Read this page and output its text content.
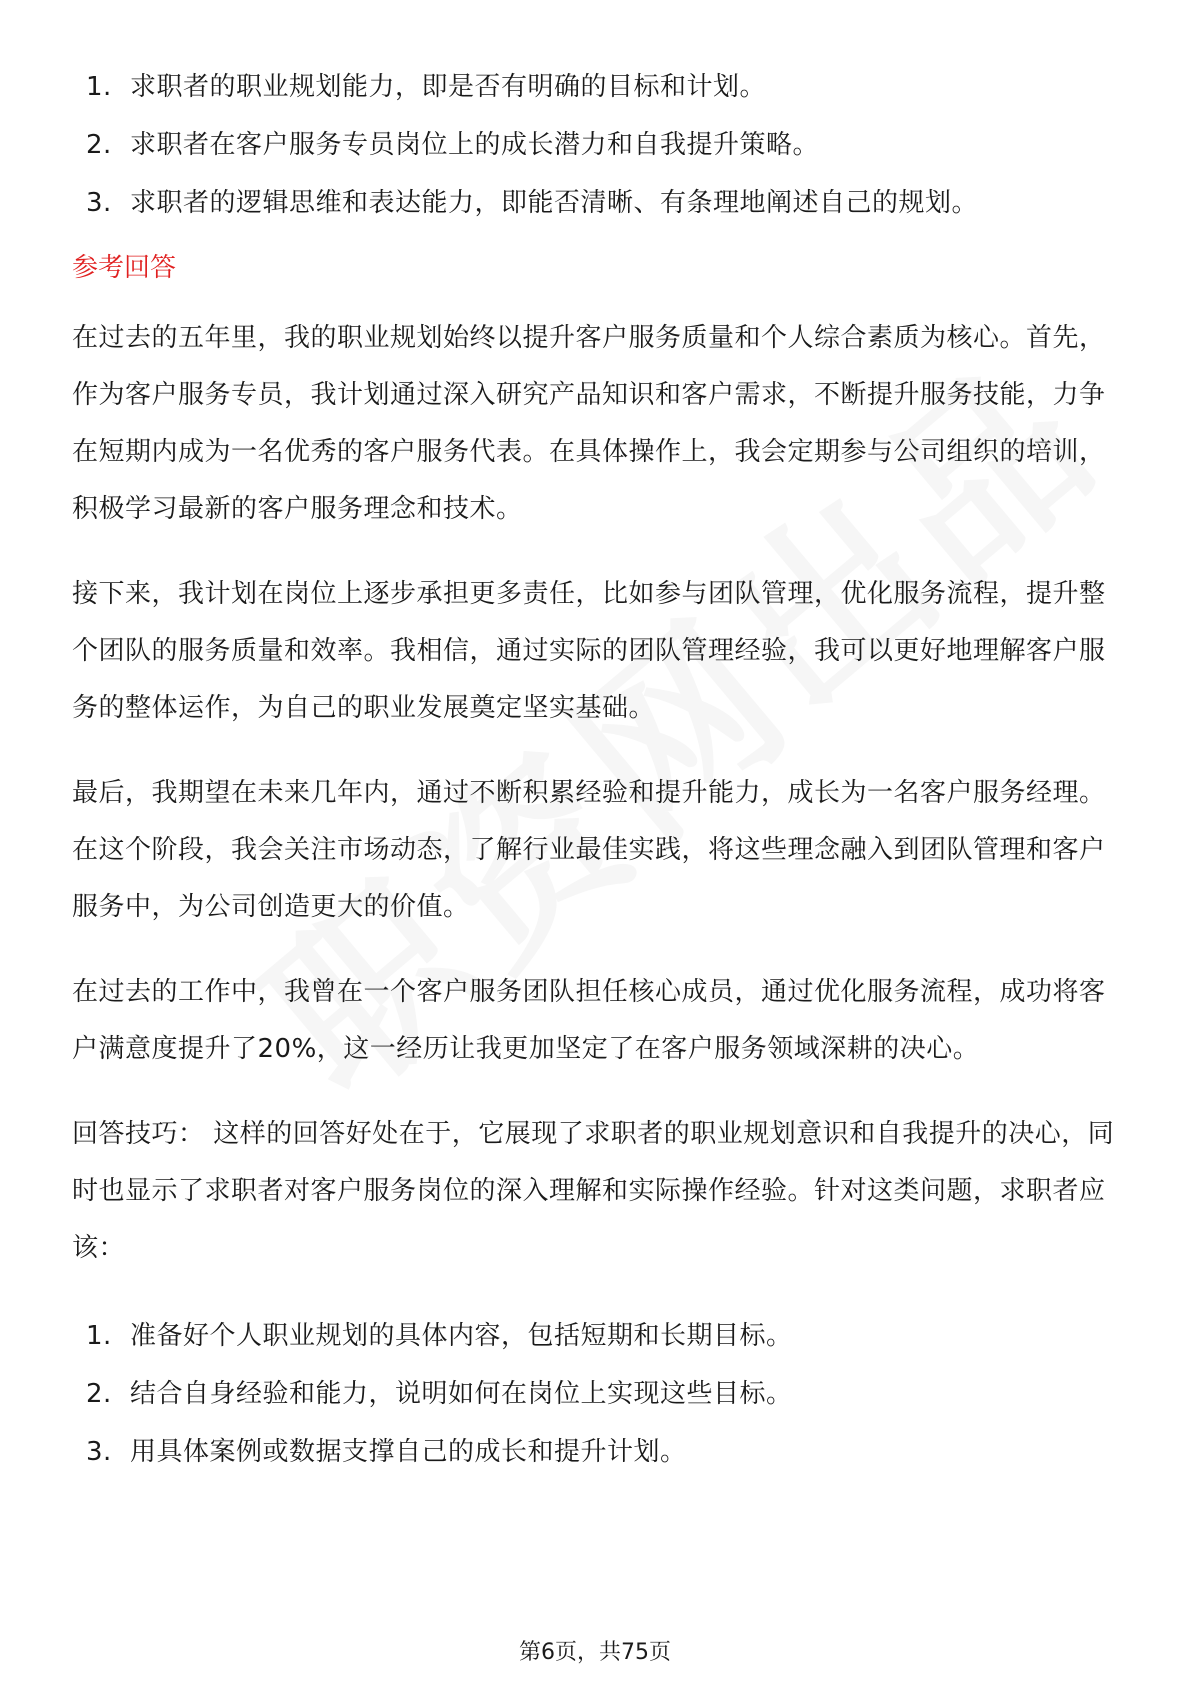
1. 求职者的职业规划能力，即是否有明确的目标和计划。
2. 求职者在客户服务专员岗位上的成长潜力和自我提升策略。
3. 求职者的逻辑思维和表达能力，即能否清晰、有条理地阐述自己的规划。
参考回答

在过去的五年里，我的职业规划始终以提升客户服务质量和个人综合素质为核心。首先，作为客户服务专员，我计划通过深入研究产品知识和客户需求，不断提升服务技能，力争在短期内成为一名优秀的客户服务代表。在具体操作上，我会定期参与公司组织的培训，积极学习最新的客户服务理念和技术。

接下来，我计划在岗位上逐步承担更多责任，比如参与团队管理，优化服务流程，提升整个团队的服务质量和效率。我相信，通过实际的团队管理经验，我可以更好地理解客户服务的整体运作，为自己的职业发展奠定坚实基础。

最后，我期望在未来几年内，通过不断积累经验和提升能力，成长为一名客户服务经理。在这个阶段，我会关注市场动态，了解行业最佳实践，将这些理念融入到团队管理和客户服务中，为公司创造更大的价值。

在过去的工作中，我曾在一个客户服务团队担任核心成员，通过优化服务流程，成功将客户满意度提升了20%，这一经历让我更加坚定了在客户服务领域深耕的决心。

回答技巧： 这样的回答好处在于，它展现了求职者的职业规划意识和自我提升的决心，同时也显示了求职者对客户服务岗位的深入理解和实际操作经验。针对这类问题，求职者应该：

1. 准备好个人职业规划的具体内容，包括短期和长期目标。
2. 结合自身经验和能力，说明如何在岗位上实现这些目标。
3. 用具体案例或数据支撑自己的成长和提升计划。
第6页，共75页
